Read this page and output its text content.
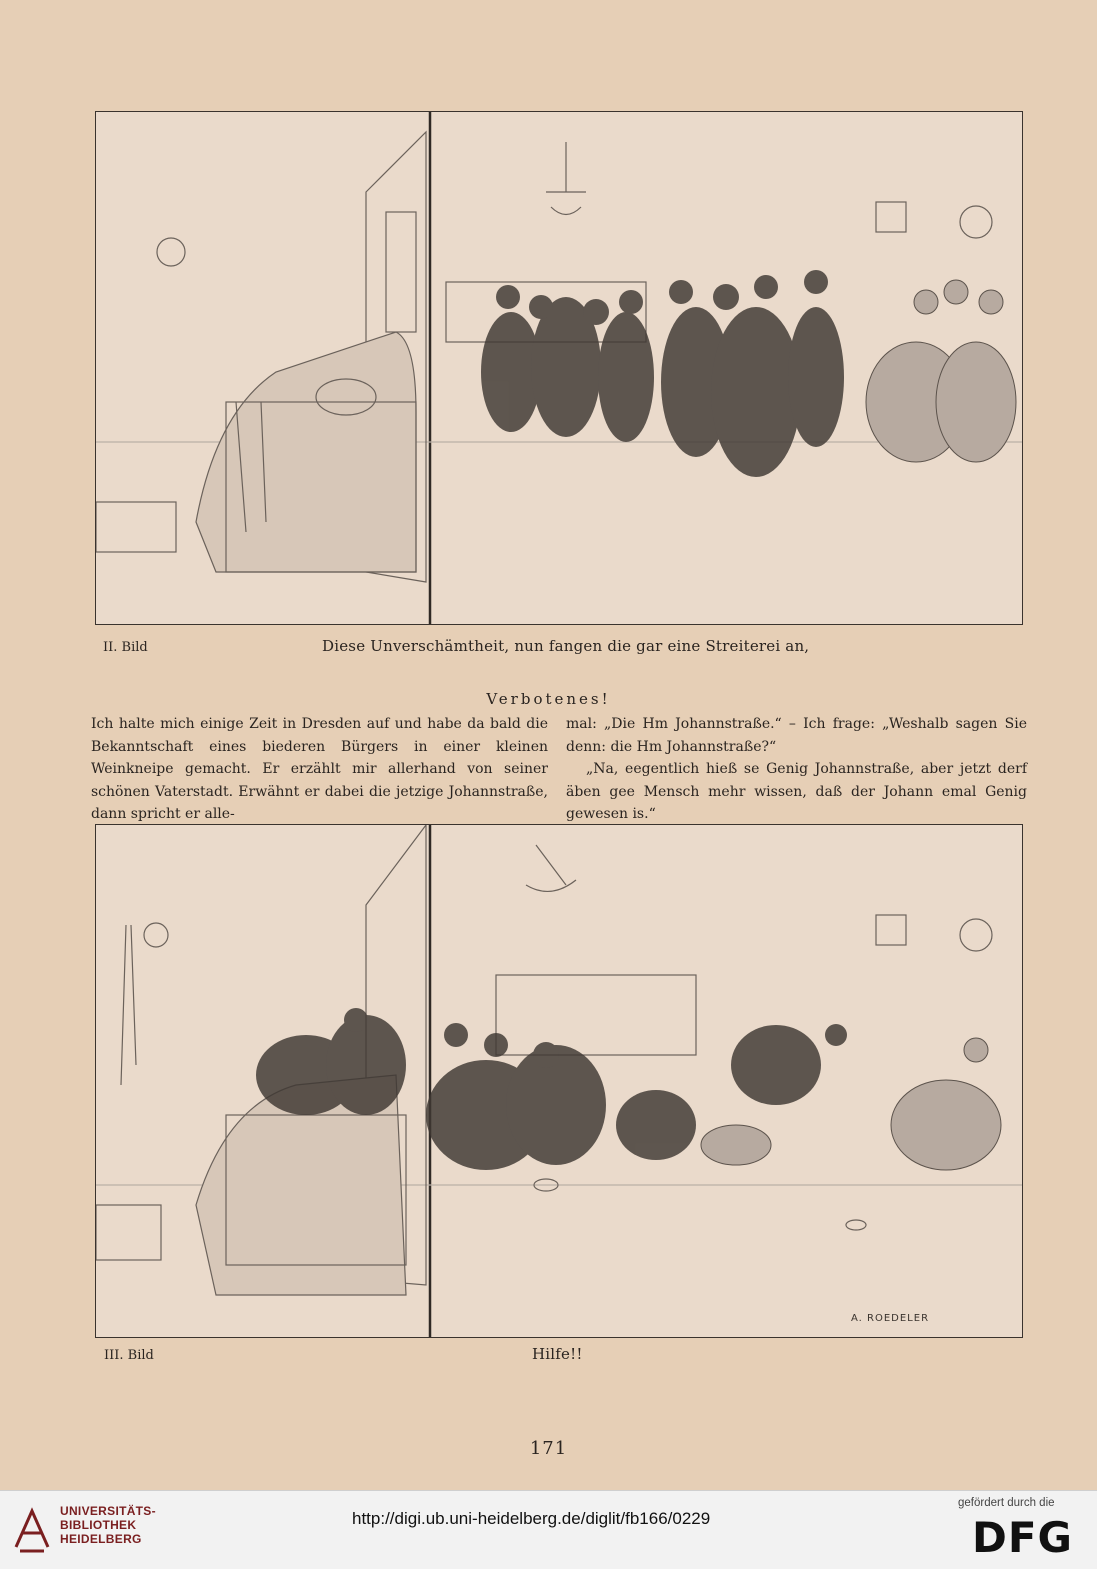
II. Bild	Diese Unverschämtheit, nun fangen die gar eine Streiterei an,
Verbotenes!

Ich halte mich einige Zeit in Dresden auf und habe da bald die Bekanntschaft eines biederen Bürgers in einer kleinen Weinkneipe gemacht. Er erzählt mir allerhand von seiner schönen Vaterstadt. Erwähnt er dabei die jetzige Johannstraße, dann spricht er alle-

mal: „Die Hm Johannstraße.“ – Ich frage: „Weshalb sagen Sie denn: die Hm Johannstraße?“

„Na, eegentlich hieß se Genig Johannstraße, aber jetzt derf äben gee Mensch mehr wissen, daß der Johann emal Genig gewesen is.“

A. ROEDELER
III. Bild	Hilfe!!
171
UNIVERSITÄTS-
BIBLIOTHEK
HEIDELBERG
http://digi.ub.uni-heidelberg.de/diglit/fb166/0229
gefördert durch die
DFG
